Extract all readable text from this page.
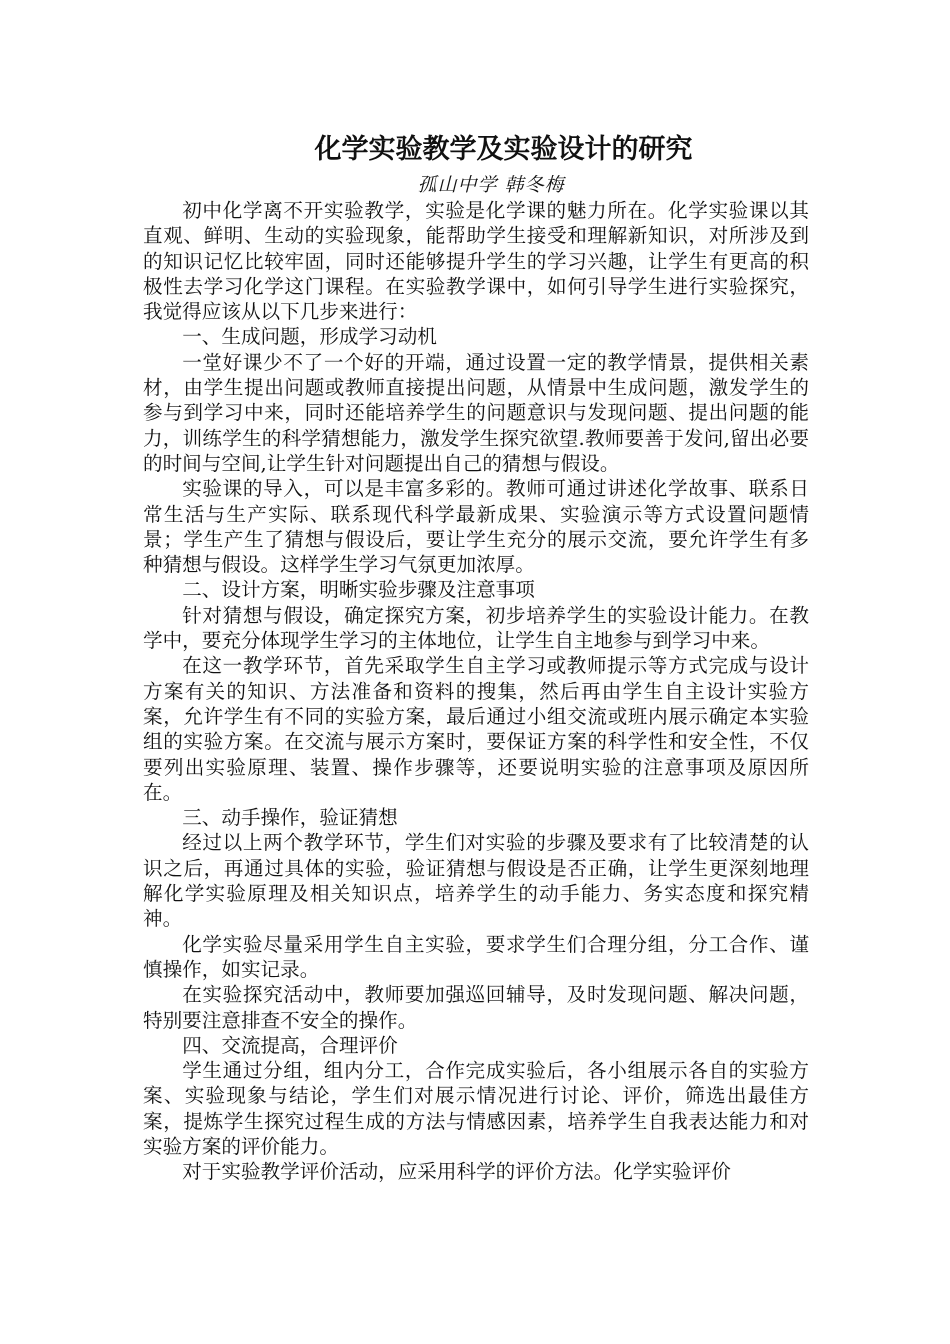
化学实验教学及实验设计的研究

孤山中学 韩冬梅

初中化学离不开实验教学，实验是化学课的魅力所在。化学实验课以其直观、鲜明、生动的实验现象，能帮助学生接受和理解新知识，对所涉及到的知识记忆比较牢固，同时还能够提升学生的学习兴趣，让学生有更高的积极性去学习化学这门课程。在实验教学课中，如何引导学生进行实验探究，我觉得应该从以下几步来进行：

一、生成问题，形成学习动机

一堂好课少不了一个好的开端，通过设置一定的教学情景，提供相关素材，由学生提出问题或教师直接提出问题，从情景中生成问题，激发学生的参与到学习中来，同时还能培养学生的问题意识与发现问题、提出问题的能力，训练学生的科学猜想能力，激发学生探究欲望.教师要善于发问,留出必要的时间与空间,让学生针对问题提出自己的猜想与假设。

实验课的导入，可以是丰富多彩的。教师可通过讲述化学故事、联系日常生活与生产实际、联系现代科学最新成果、实验演示等方式设置问题情景；学生产生了猜想与假设后，要让学生充分的展示交流，要允许学生有多种猜想与假设。这样学生学习气氛更加浓厚。

二、设计方案，明晰实验步骤及注意事项

针对猜想与假设，确定探究方案，初步培养学生的实验设计能力。在教学中，要充分体现学生学习的主体地位，让学生自主地参与到学习中来。

在这一教学环节，首先采取学生自主学习或教师提示等方式完成与设计方案有关的知识、方法准备和资料的搜集，然后再由学生自主设计实验方案，允许学生有不同的实验方案，最后通过小组交流或班内展示确定本实验组的实验方案。在交流与展示方案时，要保证方案的科学性和安全性，不仅要列出实验原理、装置、操作步骤等，还要说明实验的注意事项及原因所在。

三、动手操作，验证猜想

经过以上两个教学环节，学生们对实验的步骤及要求有了比较清楚的认识之后，再通过具体的实验，验证猜想与假设是否正确，让学生更深刻地理解化学实验原理及相关知识点，培养学生的动手能力、务实态度和探究精神。

化学实验尽量采用学生自主实验，要求学生们合理分组，分工合作、谨慎操作，如实记录。

在实验探究活动中，教师要加强巡回辅导，及时发现问题、解决问题，特别要注意排查不安全的操作。

四、交流提高，合理评价

学生通过分组，组内分工，合作完成实验后，各小组展示各自的实验方案、实验现象与结论，学生们对展示情况进行讨论、评价，筛选出最佳方案，提炼学生探究过程生成的方法与情感因素，培养学生自我表达能力和对实验方案的评价能力。

对于实验教学评价活动，应采用科学的评价方法。化学实验评价
